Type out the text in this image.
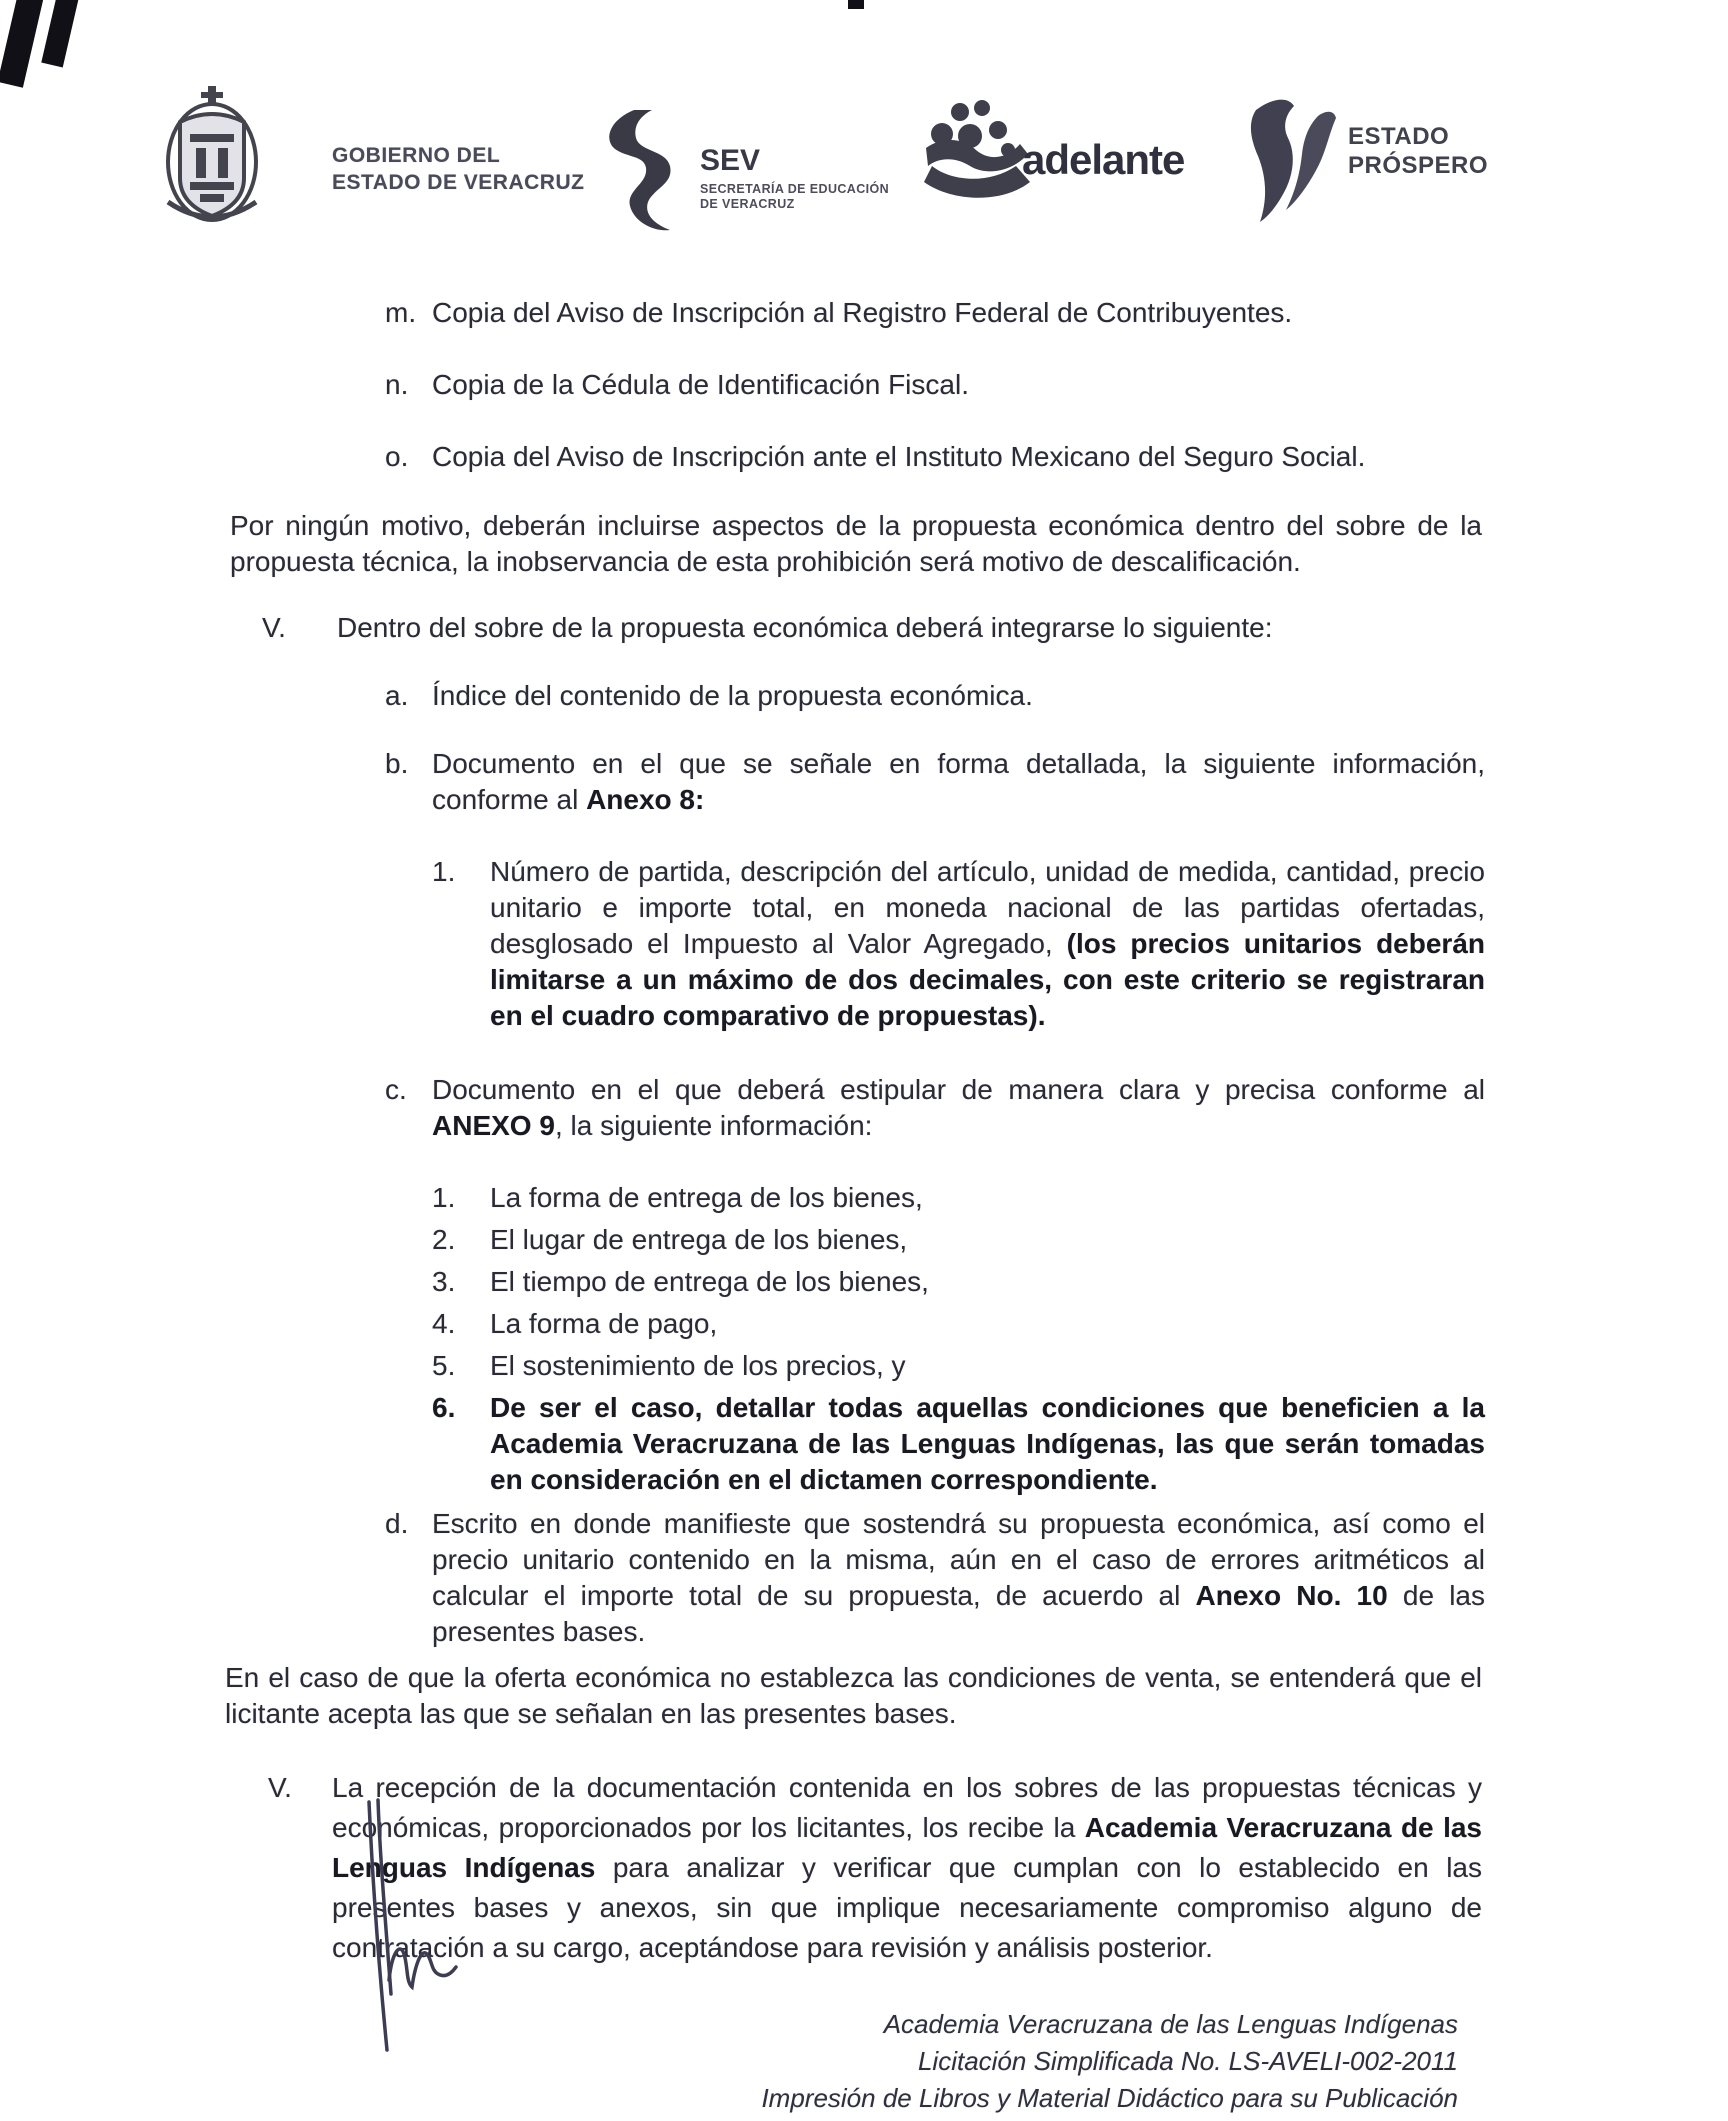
GOBIERNO DEL
ESTADO DE VERACRUZ
SEV
SECRETARÍA DE EDUCACIÓN
DE VERACRUZ
adelante	ESTADO
PRÓSPERO
m. Copia del Aviso de Inscripción al Registro Federal de Contribuyentes.
n. Copia de la Cédula de Identificación Fiscal.
o. Copia del Aviso de Inscripción ante el Instituto Mexicano del Seguro Social.
Por ningún motivo, deberán incluirse aspectos de la propuesta económica dentro del sobre de la propuesta técnica, la inobservancia de esta prohibición será motivo de descalificación.
V.	Dentro del sobre de la propuesta económica deberá integrarse lo siguiente:
a. Índice del contenido de la propuesta económica.
b. Documento en el que se señale en forma detallada, la siguiente información, conforme al Anexo 8:
1.	Número de partida, descripción del artículo, unidad de medida, cantidad, precio unitario e importe total, en moneda nacional de las partidas ofertadas, desglosado el Impuesto al Valor Agregado, (los precios unitarios deberán limitarse a un máximo de dos decimales, con este criterio se registraran en el cuadro comparativo de propuestas).
c. Documento en el que deberá estipular de manera clara y precisa conforme al ANEXO 9, la siguiente información:
1.	La forma de entrega de los bienes,
2.	El lugar de entrega de los bienes,
3.	El tiempo de entrega de los bienes,
4.	La forma de pago,
5.	El sostenimiento de los precios, y
6.	De ser el caso, detallar todas aquellas condiciones que beneficien a la Academia Veracruzana de las Lenguas Indígenas, las que serán tomadas en consideración en el dictamen correspondiente.
d. Escrito en donde manifieste que sostendrá su propuesta económica, así como el precio unitario contenido en la misma, aún en el caso de errores aritméticos al calcular el importe total de su propuesta, de acuerdo al Anexo No. 10 de las presentes bases.
En el caso de que la oferta económica no establezca las condiciones de venta, se entenderá que el licitante acepta las que se señalan en las presentes bases.
V.	La recepción de la documentación contenida en los sobres de las propuestas técnicas y económicas, proporcionados por los licitantes, los recibe la Academia Veracruzana de las Lenguas Indígenas para analizar y verificar que cumplan con lo establecido en las presentes bases y anexos, sin que implique necesariamente compromiso alguno de contratación a su cargo, aceptándose para revisión y análisis posterior.
Academia Veracruzana de las Lenguas Indígenas
Licitación Simplificada No. LS-AVELI-002-2011
Impresión de Libros y Material Didáctico para su Publicación
